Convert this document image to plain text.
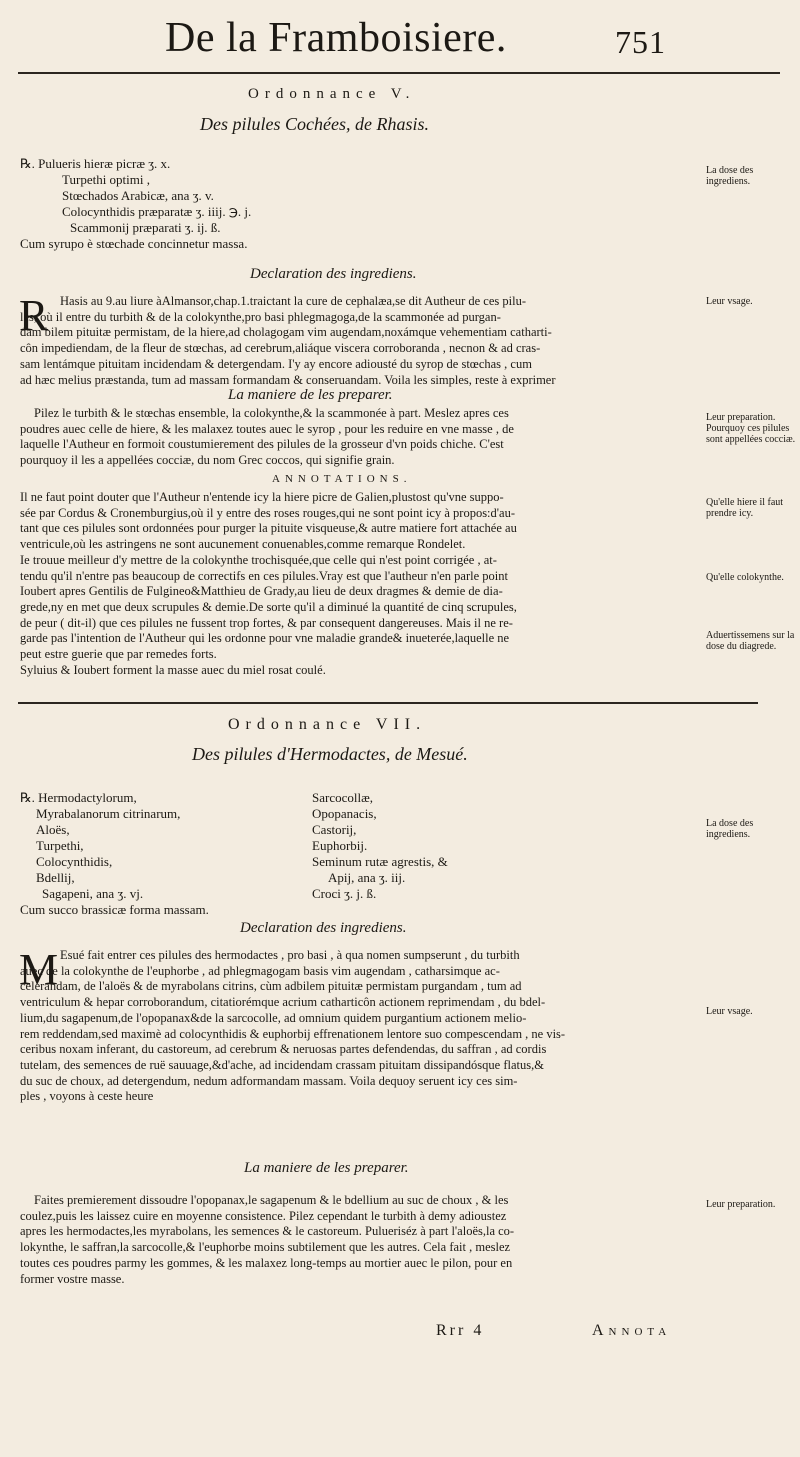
De la Framboisiere.	751
Ordonnance V.
Des pilules Cochées, de Rhasis.
℞. Pulueris hieræ picræ ʒ. x.
Turpethi optimi ,
Stœchados Arabicæ, ana ʒ. v.
Colocynthidis præparatæ ʒ. iiij. ℈. j.
Scammonij præparati ʒ. ij. ß.
Cum syrupo è stœchade concinnetur massa.
La dose des ingrediens.
Declaration des ingrediens.
R Hasis au 9.au liure àAlmansor,chap.1.traictant la cure de cephalæa,se dit Autheur de ces pilu-
les, où il entre du turbith & de la colokynthe,pro basi phlegmagoga,de la scammonée ad purgan-
dam bilem pituitæ permistam, de la hiere,ad cholagogam vim augendam,noxámque vehementiam catharti-
côn impediendam, de la fleur de stœchas, ad cerebrum,aliáque viscera corroboranda , necnon & ad cras-
sam lentámque pituitam incidendam & detergendam. I'y ay encore adiousté du syrop de stœchas , cum
ad hæc melius præstanda, tum ad massam formandam & conseruandam. Voila les simples, reste à exprimer
Leur vsage.
La maniere de les preparer.
Pilez le turbith & le stœchas ensemble, la colokynthe,& la scammonée à part. Meslez apres ces
poudres auec celle de hiere, & les malaxez toutes auec le syrop , pour les reduire en vne masse , de
laquelle l'Autheur en formoit coustumierement des pilules de la grosseur d'vn poids chiche. C'est
pourquoy il les a appellées cocciæ, du nom Grec coccos, qui signifie grain.
Leur preparation. Pourquoy ces pilules sont appellées cocciæ.
ANNOTATIONS.
Il ne faut point douter que l'Autheur n'entende icy la hiere picre de Galien,plustost qu'vne suppo-
sée par Cordus & Cronemburgius,où il y entre des roses rouges,qui ne sont point icy à propos:d'au-
tant que ces pilules sont ordonnées pour purger la pituite visqueuse,& autre matiere fort attachée au
ventricule,où les astringens ne sont aucunement conuenables,comme remarque Rondelet.
Ie trouue meilleur d'y mettre de la colokynthe trochisquée,que celle qui n'est point corrigée , at-
tendu qu'il n'entre pas beaucoup de correctifs en ces pilules.Vray est que l'autheur n'en parle point
Ioubert apres Gentilis de Fulgineo&Matthieu de Grady,au lieu de deux dragmes & demie de dia-
grede,ny en met que deux scrupules & demie.De sorte qu'il a diminué la quantité de cinq scrupules,
de peur ( dit-il) que ces pilules ne fussent trop fortes, & par consequent dangereuses. Mais il ne re-
garde pas l'intention de l'Autheur qui les ordonne pour vne maladie grande& inueterée,laquelle ne
peut estre guerie que par remedes forts.
Syluius & Ioubert forment la masse auec du miel rosat coulé.
Qu'elle hiere il faut prendre icy.
Qu'elle colokynthe.
Aduertissemens sur la dose du diagrede.
Ordonnance VII.
Des pilules d'Hermodactes, de Mesué.
℞. Hermodactylorum,
Myrabalanorum citrinarum,
Aloës,
Turpethi,
Colocynthidis,
Bdellij,
Sagapeni, ana ʒ. vj.
Cum succo brassicæ forma massam.
Sarcocollæ,
Opopanacis,
Castorij,
Euphorbij.
Seminum rutæ agrestis, &
Apij, ana ʒ. iij.
Croci ʒ. j. ß.
La dose des ingrediens.
Declaration des ingrediens.
M Esué fait entrer ces pilules des hermodactes , pro basi , à qua nomen sumpserunt , du turbith
auec de la colokynthe de l'euphorbe , ad phlegmagogam basis vim augendam , catharsimque ac-
celerandam, de l'aloës & de myrabolans citrins, cùm adbilem pituitæ permistam purgandam , tum ad
ventriculum & hepar corroborandum, citatiorémque acrium catharticôn actionem reprimendam , du bdel-
lium,du sagapenum,de l'opopanax&de la sarcocolle, ad omnium quidem purgantium actionem melio-
rem reddendam,sed maximè ad colocynthidis & euphorbij effrenationem lentore suo compescendam , ne vis-
ceribus noxam inferant, du castoreum, ad cerebrum & neruosas partes defendendas, du saffran , ad cordis
tutelam, des semences de ruë sauuage,&d'ache, ad incidendam crassam pituitam dissipandósque flatus,&
du suc de choux, ad detergendum, nedum adformandam massam. Voila dequoy seruent icy ces sim-
ples , voyons à ceste heure
Leur vsage.
La maniere de les preparer.
Faites premierement dissoudre l'opopanax,le sagapenum & le bdellium au suc de choux , & les
coulez,puis les laissez cuire en moyenne consistence. Pilez cependant le turbith à demy adioustez
apres les hermodactes,les myrabolans, les semences & le castoreum. Pulueriséz à part l'aloës,la co-
lokynthe, le saffran,la sarcocolle,& l'euphorbe moins subtilement que les autres. Cela fait , meslez
toutes ces poudres parmy les gommes, & les malaxez long-temps au mortier auec le pilon, pour en
former vostre masse.
Leur preparation.
Rrr 4	Annota
